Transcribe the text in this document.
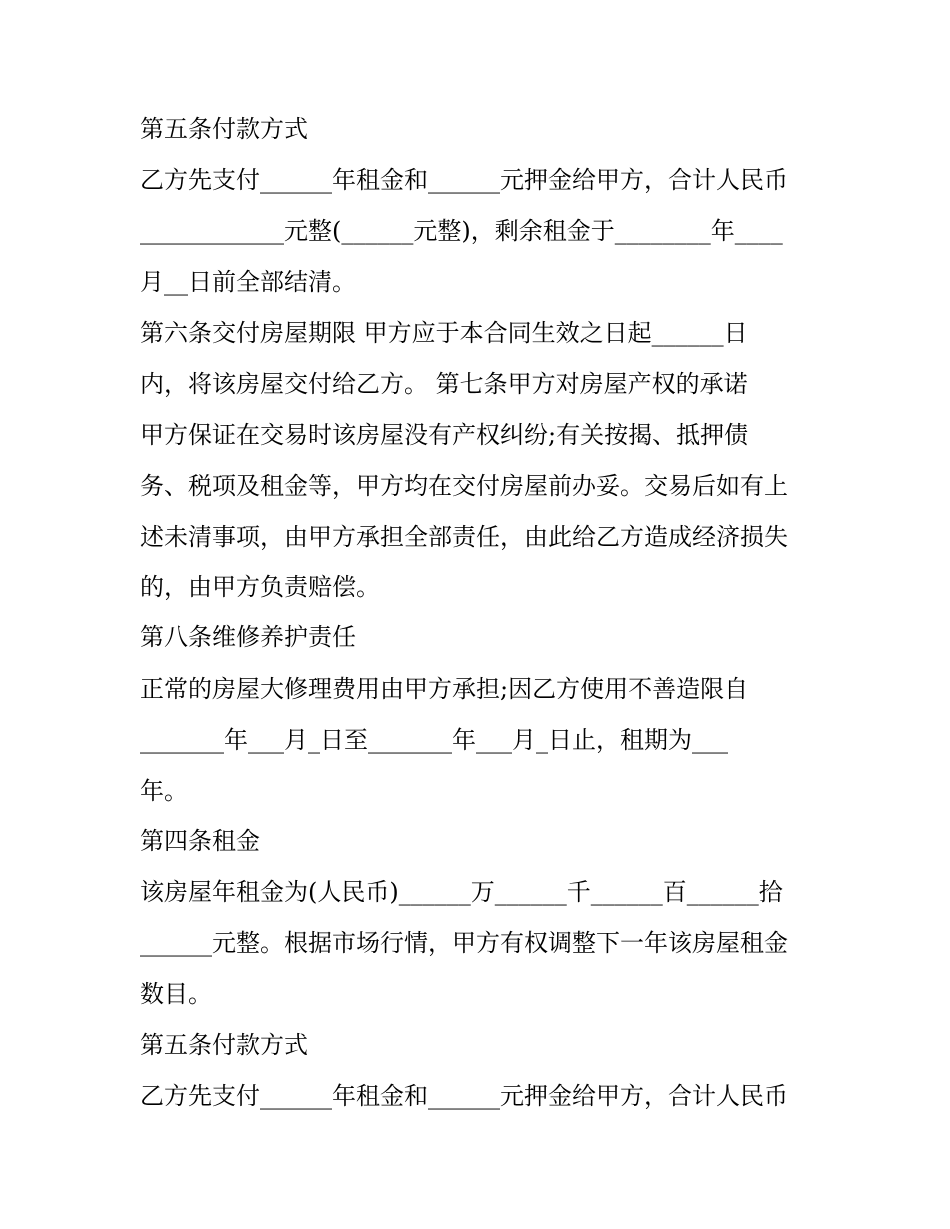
第五条付款方式
乙方先支付______年租金和______元押金给甲方，合计人民币
____________元整(______元整)，剩余租金于________年____
月__日前全部结清。
第六条交付房屋期限 甲方应于本合同生效之日起______日
内，将该房屋交付给乙方。 第七条甲方对房屋产权的承诺
甲方保证在交易时该房屋没有产权纠纷;有关按揭、抵押债
务、税项及租金等，甲方均在交付房屋前办妥。交易后如有上
述未清事项，由甲方承担全部责任，由此给乙方造成经济损失
的，由甲方负责赔偿。
第八条维修养护责任
正常的房屋大修理费用由甲方承担;因乙方使用不善造限自
_______年___月_日至_______年___月_日止，租期为___
年。
第四条租金
该房屋年租金为(人民币)______万______千______百______拾
______元整。根据市场行情，甲方有权调整下一年该房屋租金
数目。
第五条付款方式
乙方先支付______年租金和______元押金给甲方，合计人民币
